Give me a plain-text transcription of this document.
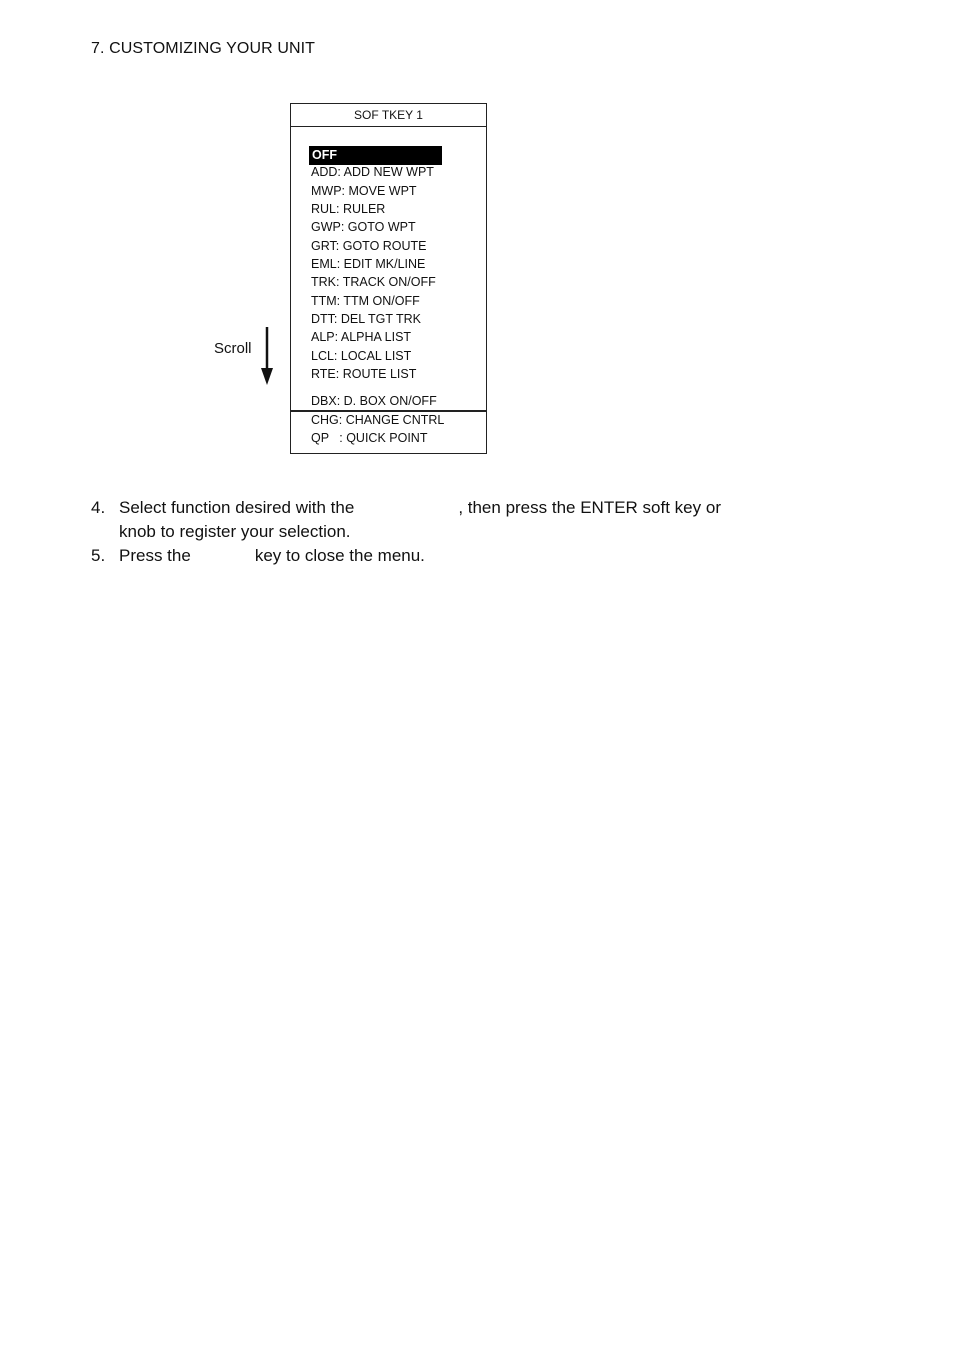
7. CUSTOMIZING YOUR UNIT
SOF TKEY 1
OFF
ADD: ADD NEW WPT
MWP: MOVE WPT
RUL: RULER
GWP: GOTO WPT
GRT: GOTO ROUTE
EML: EDIT MK/LINE
TRK: TRACK ON/OFF
TTM: TTM ON/OFF
DTT: DEL TGT TRK
ALP: ALPHA LIST
LCL: LOCAL LIST
RTE: ROUTE LIST
DBX: D. BOX ON/OFF
CHG: CHANGE CNTRL
QP   : QUICK POINT
Scroll
4. Select function desired with the	, then press the ENTER soft key or
knob to register your selection.
5. Press the	key to close the menu.
